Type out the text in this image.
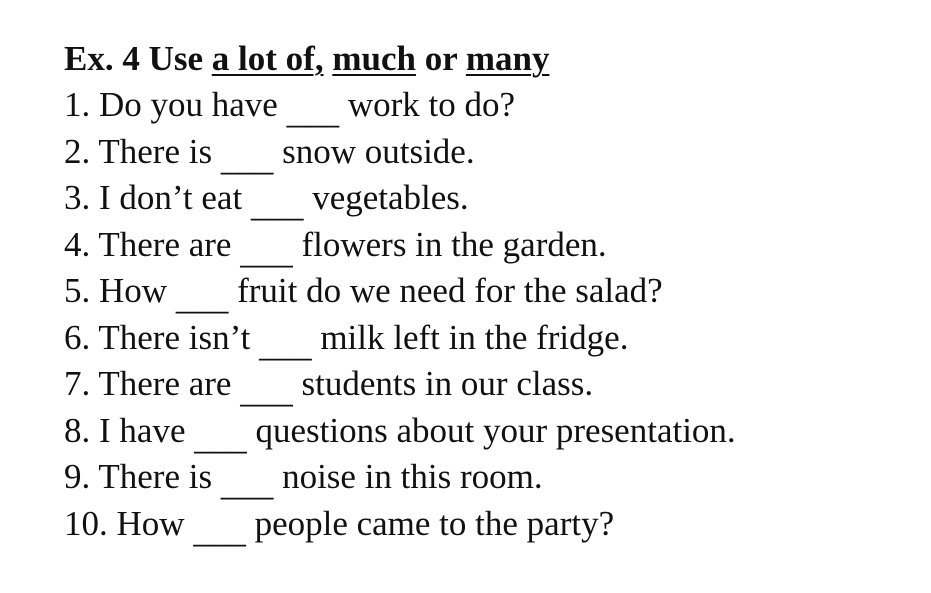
Ex. 4 Use a lot of, much or many
1. Do you have ___ work to do?
2. There is ___ snow outside.
3. I don’t eat ___ vegetables.
4. There are ___ flowers in the garden.
5. How ___ fruit do we need for the salad?
6. There isn’t ___ milk left in the fridge.
7. There are ___ students in our class.
8. I have ___ questions about your presentation.
9. There is ___ noise in this room.
10. How ___ people came to the party?
